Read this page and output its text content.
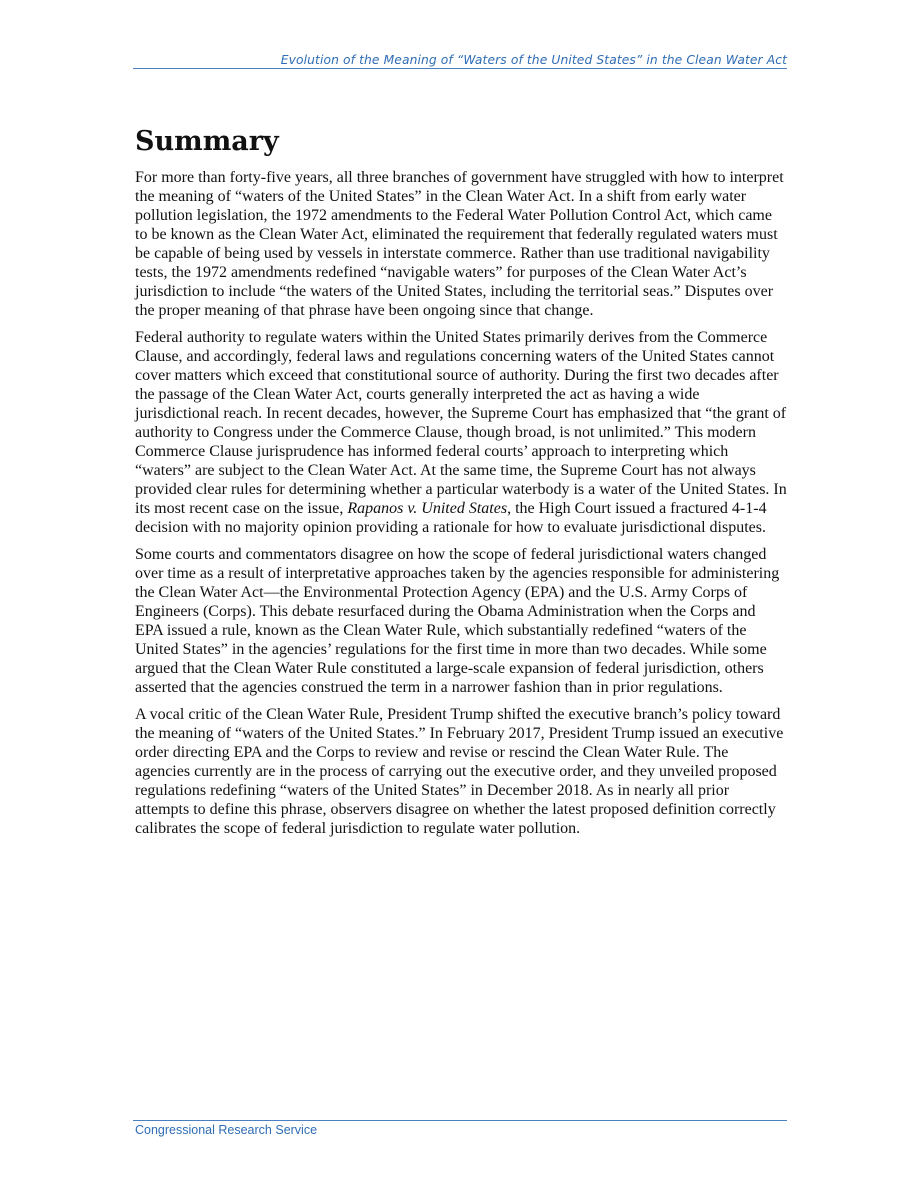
Evolution of the Meaning of “Waters of the United States” in the Clean Water Act
Summary

For more than forty-five years, all three branches of government have struggled with how to interpret the meaning of “waters of the United States” in the Clean Water Act. In a shift from early water pollution legislation, the 1972 amendments to the Federal Water Pollution Control Act, which came to be known as the Clean Water Act, eliminated the requirement that federally regulated waters must be capable of being used by vessels in interstate commerce. Rather than use traditional navigability tests, the 1972 amendments redefined “navigable waters” for purposes of the Clean Water Act’s jurisdiction to include “the waters of the United States, including the territorial seas.” Disputes over the proper meaning of that phrase have been ongoing since that change.

Federal authority to regulate waters within the United States primarily derives from the Commerce Clause, and accordingly, federal laws and regulations concerning waters of the United States cannot cover matters which exceed that constitutional source of authority. During the first two decades after the passage of the Clean Water Act, courts generally interpreted the act as having a wide jurisdictional reach. In recent decades, however, the Supreme Court has emphasized that “the grant of authority to Congress under the Commerce Clause, though broad, is not unlimited.” This modern Commerce Clause jurisprudence has informed federal courts’ approach to interpreting which “waters” are subject to the Clean Water Act. At the same time, the Supreme Court has not always provided clear rules for determining whether a particular waterbody is a water of the United States. In its most recent case on the issue, Rapanos v. United States, the High Court issued a fractured 4-1-4 decision with no majority opinion providing a rationale for how to evaluate jurisdictional disputes.

Some courts and commentators disagree on how the scope of federal jurisdictional waters changed over time as a result of interpretative approaches taken by the agencies responsible for administering the Clean Water Act—the Environmental Protection Agency (EPA) and the U.S. Army Corps of Engineers (Corps). This debate resurfaced during the Obama Administration when the Corps and EPA issued a rule, known as the Clean Water Rule, which substantially redefined “waters of the United States” in the agencies’ regulations for the first time in more than two decades. While some argued that the Clean Water Rule constituted a large-scale expansion of federal jurisdiction, others asserted that the agencies construed the term in a narrower fashion than in prior regulations.

A vocal critic of the Clean Water Rule, President Trump shifted the executive branch’s policy toward the meaning of “waters of the United States.” In February 2017, President Trump issued an executive order directing EPA and the Corps to review and revise or rescind the Clean Water Rule. The agencies currently are in the process of carrying out the executive order, and they unveiled proposed regulations redefining “waters of the United States” in December 2018. As in nearly all prior attempts to define this phrase, observers disagree on whether the latest proposed definition correctly calibrates the scope of federal jurisdiction to regulate water pollution.

Congressional Research Service
